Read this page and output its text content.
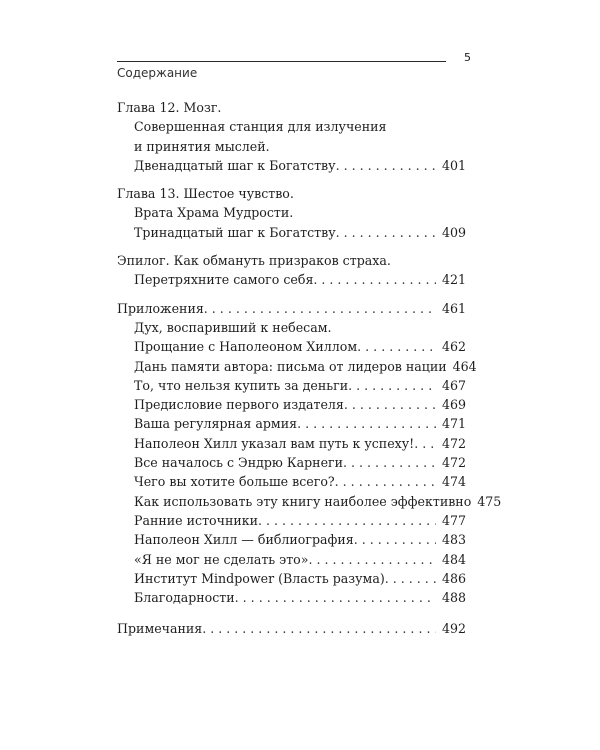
5
Содержание
Глава 12. Мозг.
Совершенная станция для излучения
и принятия мыслей.
Двенадцатый шаг к Богатству . . .	401
Глава 13. Шестое чувство.
Врата Храма Мудрости.
Тринадцатый шаг к Богатству . . .	409
Эпилог. Как обмануть призраков страха.
Перетряхните самого себя . . .	421
Приложения . . .	461
Дух, воспаривший к небесам.
Прощание с Наполеоном Хиллом . . .	462
Дань памяти автора: письма от лидеров нации 464
То, что нельзя купить за деньги . . .	467
Предисловие первого издателя . . .	469
Ваша регулярная армия . . .	471
Наполеон Хилл указал вам путь к успеху! . . .	472
Все началось с Эндрю Карнеги . . .	472
Чего вы хотите больше всего? . . .	474
Как использовать эту книгу наиболее эффективно 475
Ранние источники . . .	477
Наполеон Хилл — библиография . . .	483
«Я не мог не сделать это» . . .	484
Институт Mindpower (Власть разума) . . .	486
Благодарности . . .	488
Примечания . . .	492
